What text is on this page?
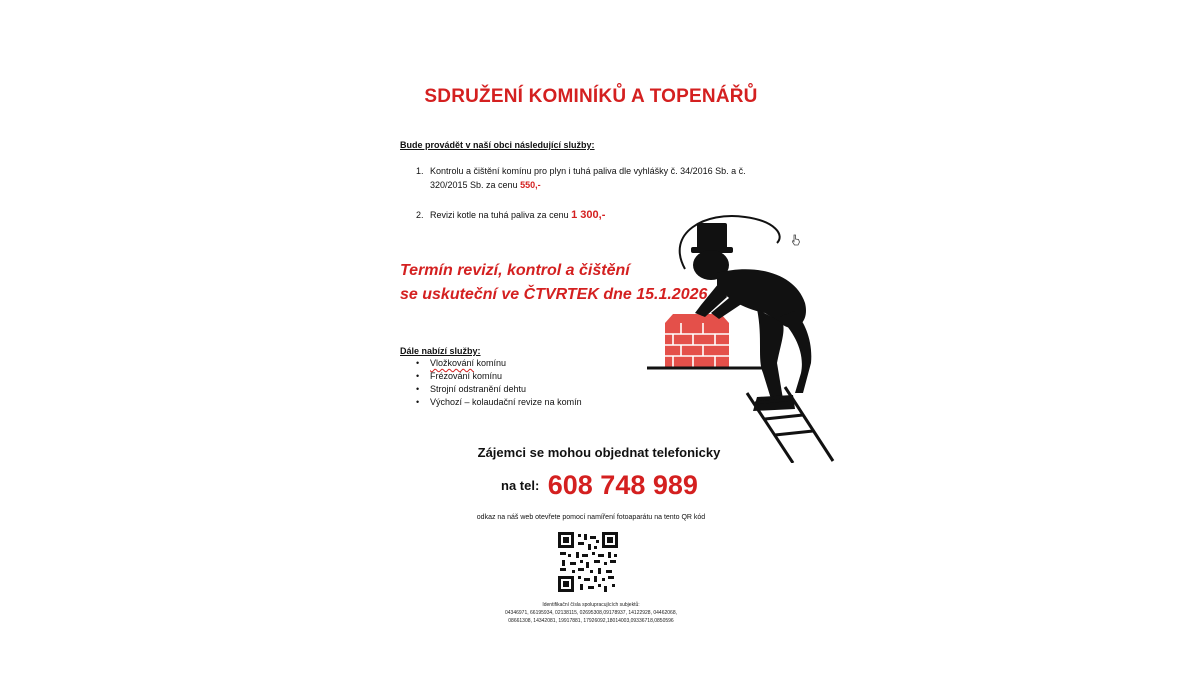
SDRUŽENÍ KOMINÍKŮ A TOPENÁŘŮ
Bude provádět v naší obci následující služby:
1. Kontrolu a čištění komínu pro plyn i tuhá paliva dle vyhlášky č. 34/2016 Sb. a č.
320/2015 Sb. za cenu 550,-
2. Revizi kotle na tuhá paliva za cenu 1 300,-
Termín revizí, kontrol a čištění
se uskuteční ve ČTVRTEK dne 15.1.2026
Dále nabízí služby:
• Vložkování komínu
• Frézování komínu
• Strojní odstranění dehtu
• Výchozí – kolaudační revize na komín
Zájemci se mohou objednat telefonicky
na tel: 608 748 989
odkaz na náš web otevřete pomocí namíření fotoaparátu na tento QR kód
Identifikační čísla spolupracujících subjektů:
04346971, 66195934, 02138115, 02695308,09178937, 14122928, 04462068,
08661308, 14342081, 19917881, 17926092,18014003,09336718,0850596
